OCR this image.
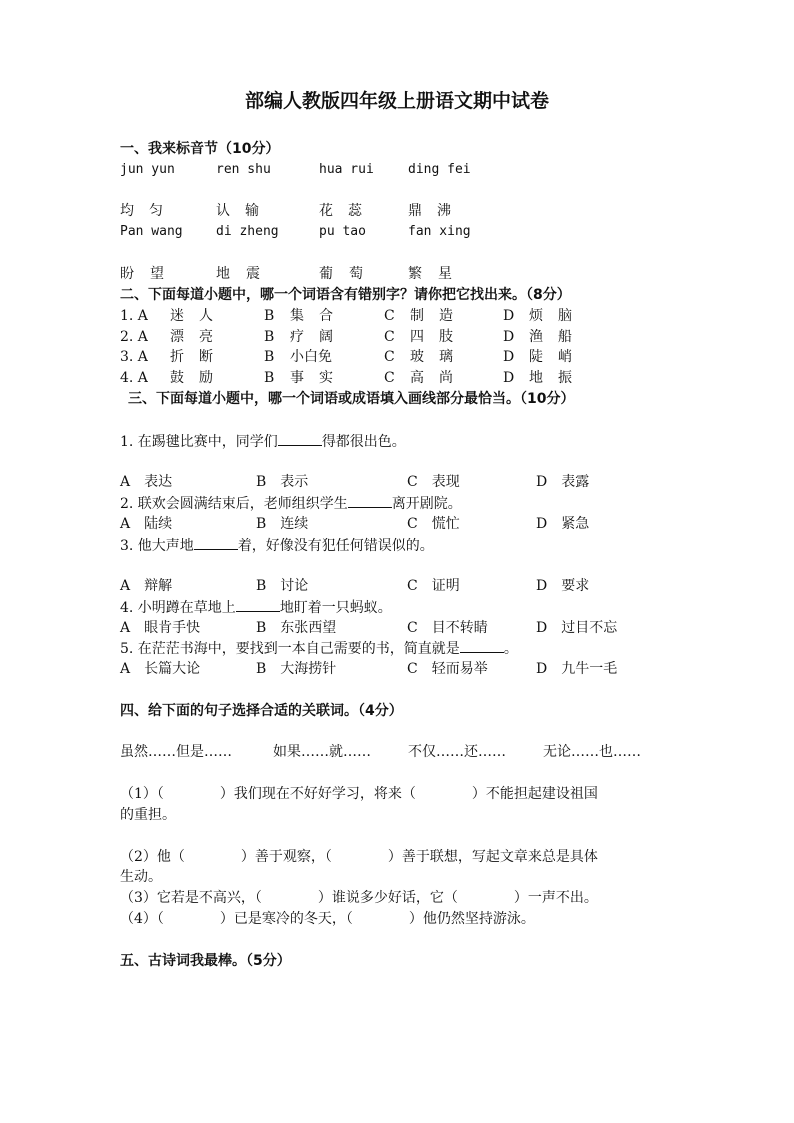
部编人教版四年级上册语文期中试卷
一、我来标音节（10分）
jun yun	ren shu	hua rui	ding fei
均匀	认输	花蕊 鼎沸
Pan wang	di zheng	pu tao	fan xing
盼望	地震	葡萄 繁星
二、下面每道小题中，哪一个词语含有错别字？请你把它找出来。（8分）
1. A 迷人	B 集合	C 制造	D 烦脑
2. A 漂亮	B 疗阔	C 四肢	D 渔船
3. A 折断	B 小白免	C 玻璃	D 陡峭
4. A 鼓励	B 事实	C 高尚	D 地振
三、下面每道小题中，哪一个词语或成语填入画线部分最恰当。（10分）
1. 在踢毽比赛中，同学们	得都很出色。
A　表达	B　表示	C　表现	D　表露
2. 联欢会圆满结束后，老师组织学生	离开剧院。
A　陆续	B　连续	C　慌忙	D　紧急
3. 他大声地	着，好像没有犯任何错误似的。
A　辩解	B　讨论	C　证明	D　要求
4. 小明蹲在草地上	地盯着一只蚂蚁。
A　眼肯手快	B　东张西望	C　目不转睛	D　过目不忘
5. 在茫茫书海中，要找到一本自己需要的书，简直就是	。
A　长篇大论	B　大海捞针	C　轻而易举	D　九牛一毛
四、给下面的句子选择合适的关联词。（4分）
虽然……但是……	如果……就……	不仅……还……	无论……也……
（1）（　　　　）我们现在不好好学习，将来（　　　　）不能担起建设祖国
的重担。
（2）他（　　　　）善于观察，（　　　　）善于联想，写起文章来总是具体
生动。
（3）它若是不高兴，（　　　　）谁说多少好话，它（　　　　）一声不出。
（4）（　　　　）已是寒冷的冬天，（　　　　）他仍然坚持游泳。
五、古诗词我最棒。（5分）
